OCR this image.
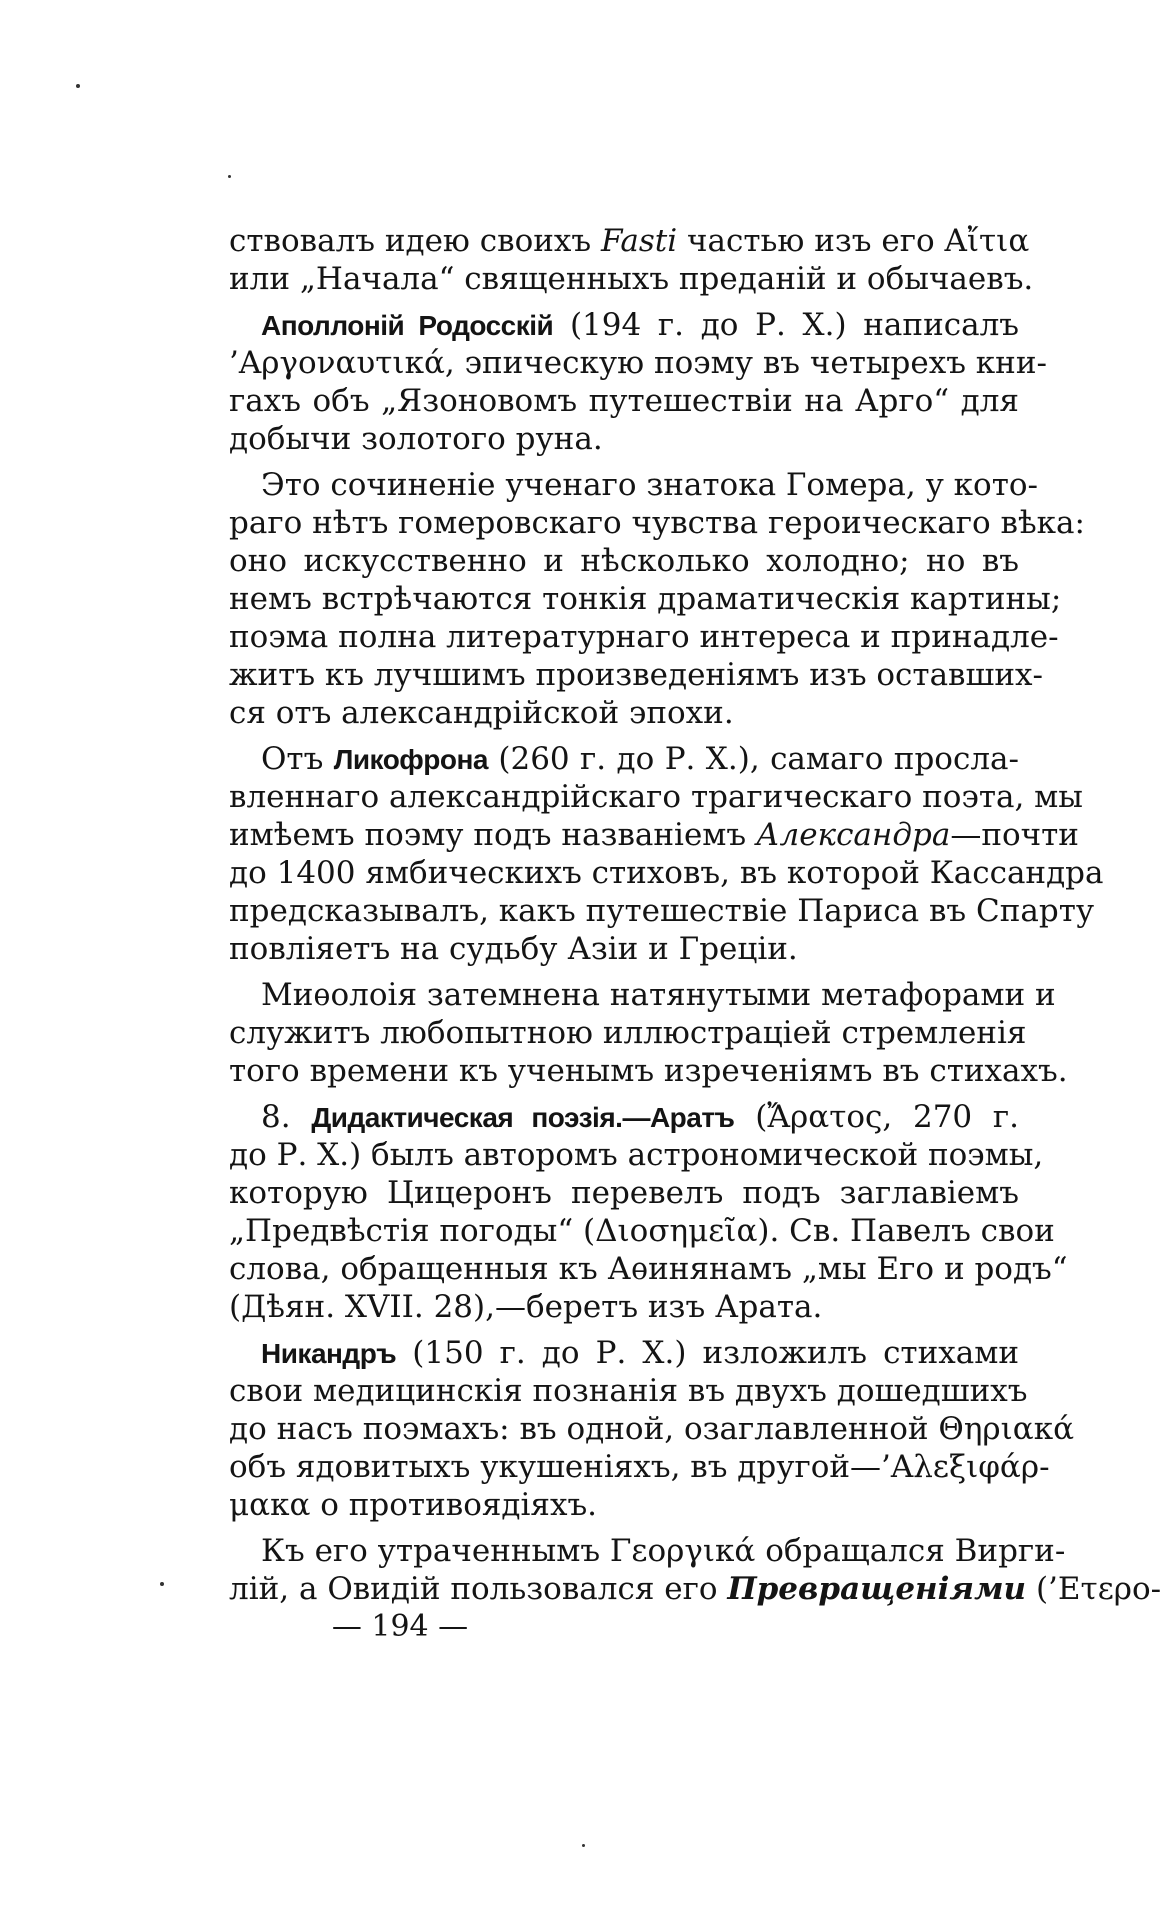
ствовалъ идею своихъ Fasti частью изъ его Αἴτια
или „Начала“ священныхъ преданій и обычаевъ.
Аполлоній Родосскій (194 г. до Р. Х.) написалъ
’Αργοναυτικά, эпическую поэму въ четырехъ кни-
гахъ объ „Язоновомъ путешествіи на Арго“ для
добычи золотого руна.
Это сочиненіе ученаго знатока Гомера, у кото-
раго нѣтъ гомеровскаго чувства героическаго вѣка:
оно искусственно и нѣсколько холодно; но въ
немъ встрѣчаются тонкія драматическія картины;
поэма полна литературнаго интереса и принадле-
житъ къ лучшимъ произведеніямъ изъ оставших-
ся отъ александрійской эпохи.
Отъ Ликофрона (260 г. до Р. Х.), самаго просла-
вленнаго александрійскаго трагическаго поэта, мы
имѣемъ поэму подъ названіемъ Александра—почти
до 1400 ямбическихъ стиховъ, въ которой Кассандра
предсказывалъ, какъ путешествіе Париса въ Спарту
повліяетъ на судьбу Азіи и Греціи.
Миѳолоія затемнена натянутыми метафорами и
служитъ любопытною иллюстраціей стремленія
того времени къ ученымъ изреченіямъ въ стихахъ.
8. Дидактическая поэзія.—Аратъ (Ἄρατος, 270 г.
до Р. Х.) былъ авторомъ астрономической поэмы,
которую Цицеронъ перевелъ подъ заглавіемъ
„Предвѣстія погоды“ (Διοσημεῖα). Св. Павелъ свои
слова, обращенныя къ Аѳинянамъ „мы Его и родъ“
(Дѣян. XVII. 28),—беретъ изъ Арата.
Никандръ (150 г. до Р. Х.) изложилъ стихами
свои медицинскія познанія въ двухъ дошедшихъ
до насъ поэмахъ: въ одной, озаглавленной Θηριακά
объ ядовитыхъ укушеніяхъ, въ другой—’Αλεξιφάρ-
μακα о противоядіяхъ.
Къ его утраченнымъ Γεοργικά обращался Вирги-
лій, а Овидій пользовался его Превращеніями (’Ετερο-
— 194 —
